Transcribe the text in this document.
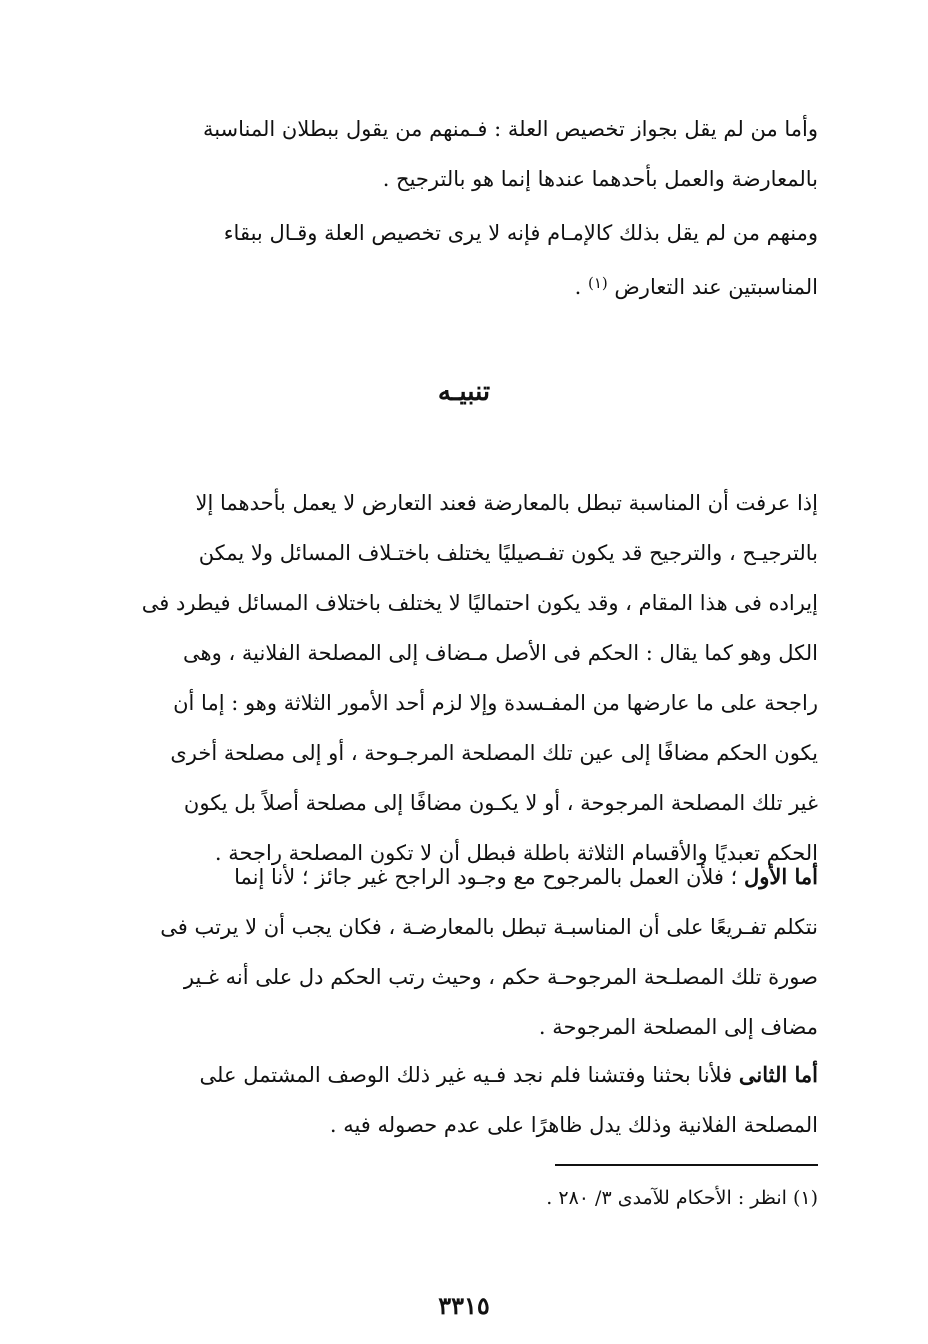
وأما من لم يقل بجواز تخصيص العلة : فـمنهم من يقول ببطلان المناسبة
بالمعارضة والعمل بأحدهما عندها إنما هو بالترجيح .
ومنهم من لم يقل بذلك كالإمـام فإنه لا يرى تخصيص العلة وقـال ببقاء
المناسبتين عند التعارض $^{(١)}$ .
تنبيـه
إذا عرفت أن المناسبة تبطل بالمعارضة فعند التعارض لا يعمل بأحدهما إلا
بالترجيـح ، والترجيح قد يكون تفـصيليًا يختلف باختـلاف المسائل ولا يمكن
إيراده فى هذا المقام ، وقد يكون احتماليًا لا يختلف باختلاف المسائل فيطرد فى
الكل وهو كما يقال : الحكم فى الأصل مـضاف إلى المصلحة الفلانية ، وهى
راجحة على ما عارضها من المفـسدة وإلا لزم أحد الأمور الثلاثة وهو : إما أن
يكون الحكم مضافًا إلى عين تلك المصلحة المرجـوحة ، أو إلى مصلحة أخرى
غير تلك المصلحة المرجوحة ، أو لا يكـون مضافًا إلى مصلحة أصلاً بل يكون
الحكم تعبديًا والأقسام الثلاثة باطلة فبطل أن لا تكون المصلحة راجحة .
أما الأول ؛ فلأن العمل بالمرجوح مع وجـود الراجح غير جائز ؛ لأنا إنما
نتكلم تفـريعًا على أن المناسبـة تبطل بالمعارضـة ، فكان يجب أن لا يرتب فى
صورة تلك المصلـحة المرجوحـة حكم ، وحيث رتب الحكم دل على أنه غـير
مضاف إلى المصلحة المرجوحة .
أما الثانى فلأنا بحثنا وفتشنا فلم نجد فـيه غير ذلك الوصف المشتمل على
المصلحة الفلانية وذلك يدل ظاهرًا على عدم حصوله فيه .
(١) انظر : الأحكام للآمدى ٣/ ٢٨٠ .
٣٣١٥
